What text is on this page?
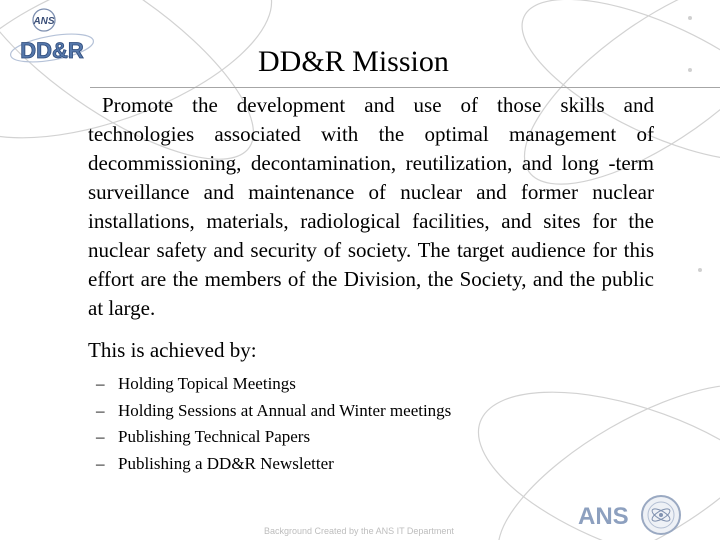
ANS
DD&R	DD&R Mission
Promote the development and use of those skills and technologies associated with the optimal management of decommissioning, decontamination, reutilization, and long -term surveillance and maintenance of nuclear and former nuclear installations, materials, radiological facilities, and sites for the nuclear safety and security of society. The target audience for this effort are the members of the Division, the Society, and the public at large.
This is achieved by:
– Holding Topical Meetings
– Holding Sessions at Annual and Winter meetings
– Publishing Technical Papers
– Publishing a DD&R Newsletter
Background Created by the ANS IT Department
ANS
